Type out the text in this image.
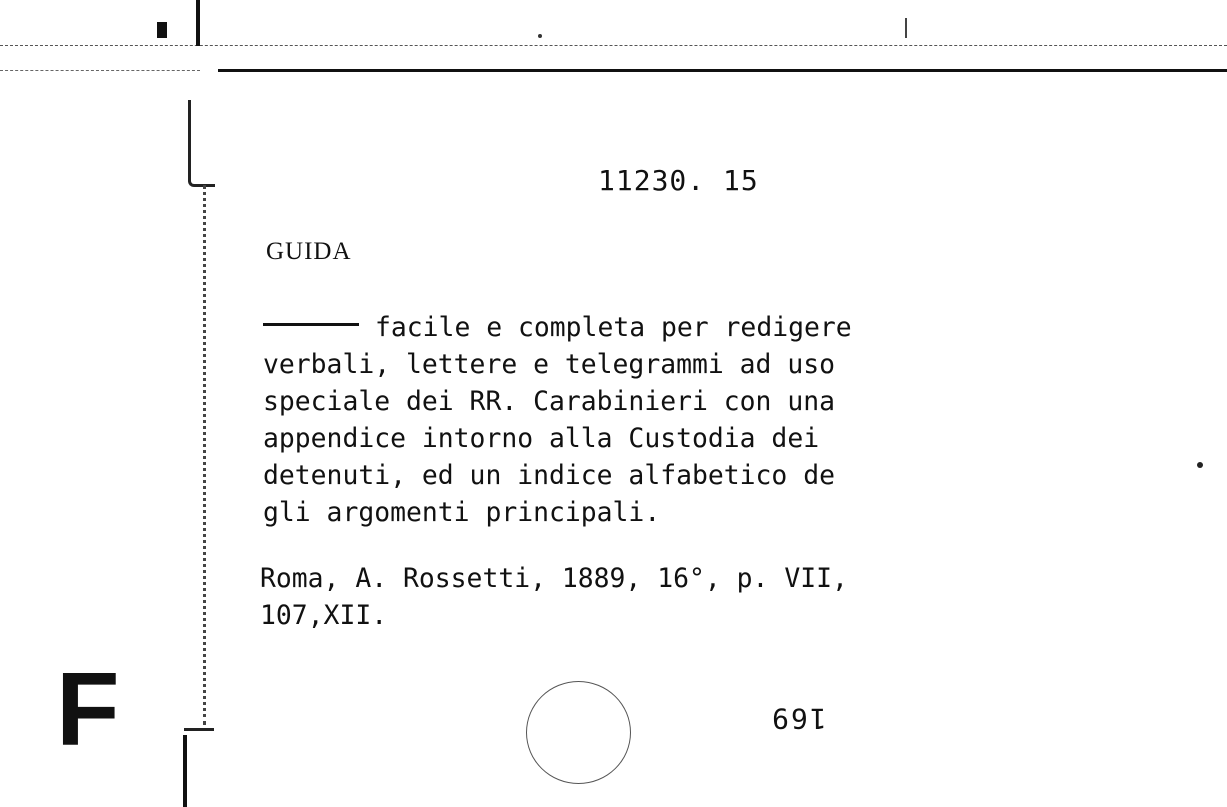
11230. 15
GUIDA
facile e completa per redigere
verbali, lettere e telegrammi ad uso
speciale dei RR. Carabinieri con una
appendice intorno alla Custodia dei
detenuti, ed un indice alfabetico de
gli argomenti principali.
Roma, A. Rossetti, 1889, 16°, p. VII,
107,XII.
F	169
